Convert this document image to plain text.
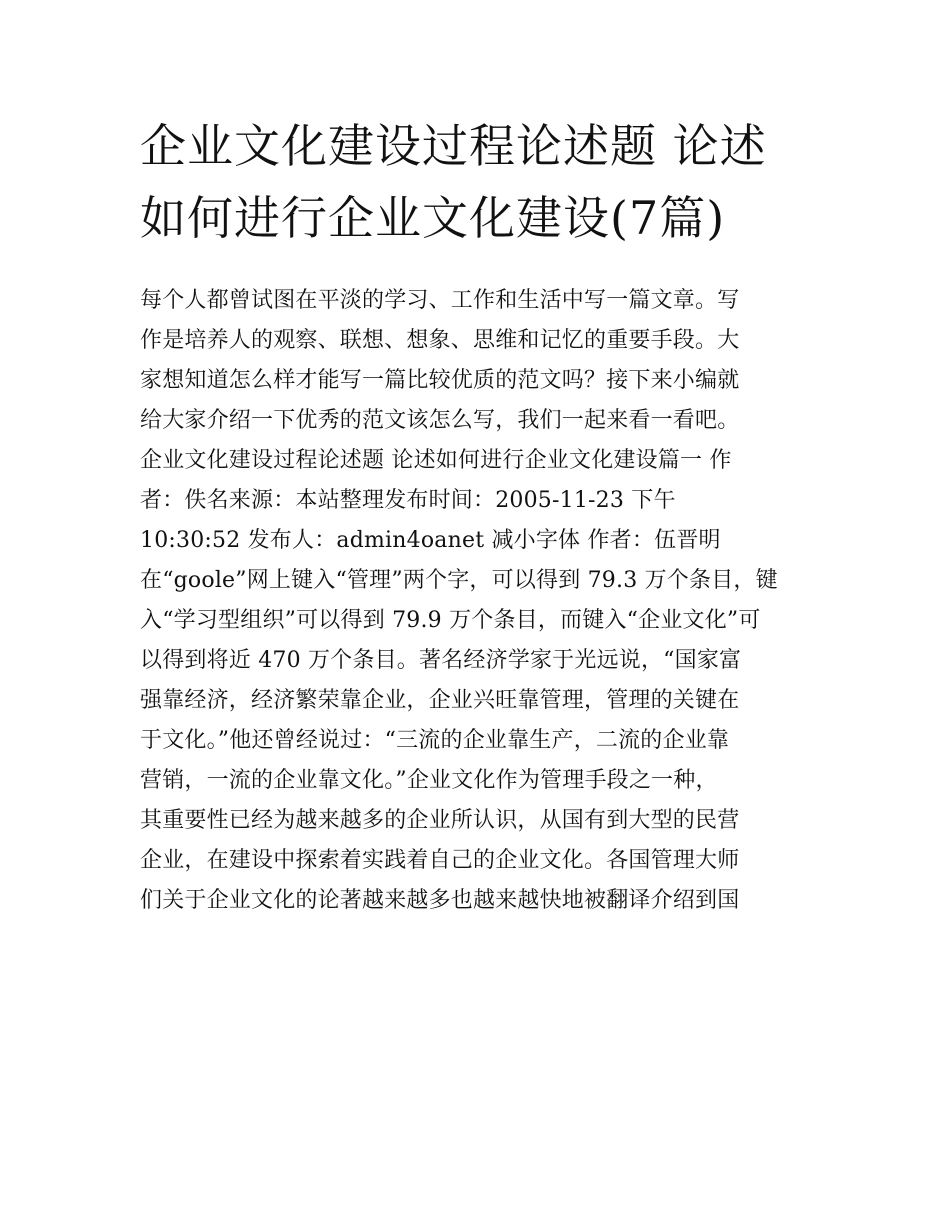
企业文化建设过程论述题 论述
如何进行企业文化建设(7篇)
每个人都曾试图在平淡的学习、工作和生活中写一篇文章。写
作是培养人的观察、联想、想象、思维和记忆的重要手段。大
家想知道怎么样才能写一篇比较优质的范文吗？接下来小编就
给大家介绍一下优秀的范文该怎么写，我们一起来看一看吧。
企业文化建设过程论述题 论述如何进行企业文化建设篇一 作
者：佚名来源：本站整理发布时间：2005-11-23 下午
10:30:52 发布人：admin4oanet 减小字体 作者：伍晋明
在“goole”网上键入“管理”两个字，可以得到 79.3 万个条目，键
入“学习型组织”可以得到 79.9 万个条目，而键入“企业文化”可
以得到将近 470 万个条目。著名经济学家于光远说，“国家富
强靠经济，经济繁荣靠企业，企业兴旺靠管理，管理的关键在
于文化。”他还曾经说过：“三流的企业靠生产，二流的企业靠
营销，一流的企业靠文化。”企业文化作为管理手段之一种，
其重要性已经为越来越多的企业所认识，从国有到大型的民营
企业，在建设中探索着实践着自己的企业文化。各国管理大师
们关于企业文化的论著越来越多也越来越快地被翻译介绍到国
